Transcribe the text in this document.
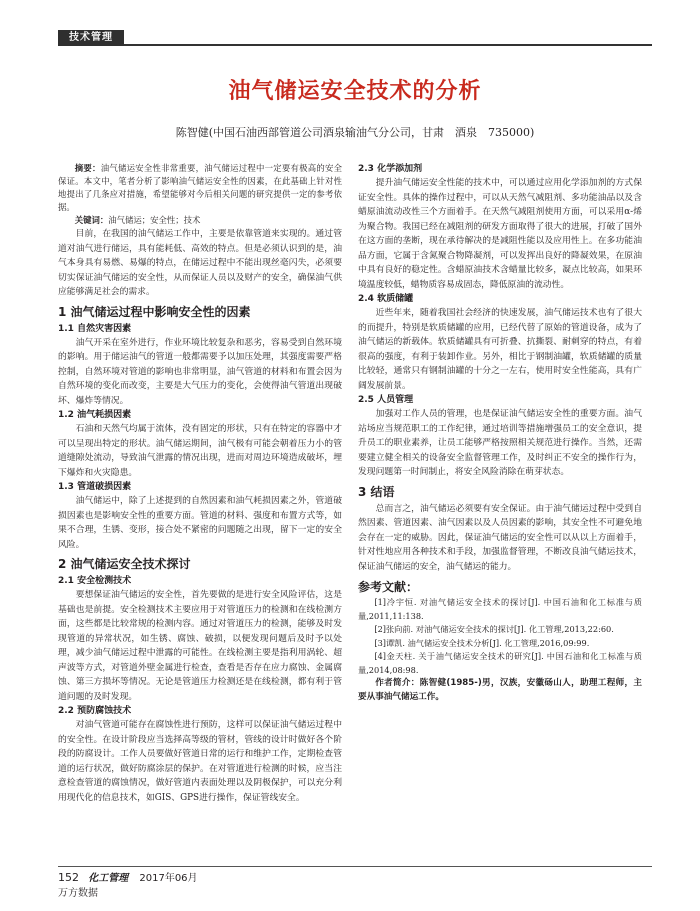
技术管理
油气储运安全技术的分析
陈智健(中国石油西部管道公司酒泉输油气分公司，甘肃　酒泉　735000)

摘要：油气储运安全性非常重要，油气储运过程中一定要有极高的安全保证。本文中，笔者分析了影响油气储运安全性的因素，在此基础上针对性地提出了几条应对措施，希望能够对今后相关问题的研究提供一定的参考依据。

关键词：油气储运；安全性；技术

目前，在我国的油气储运工作中，主要是依靠管道来实现的。通过管道对油气进行储运，具有能耗低、高效的特点。但是必须认识到的是，油气本身具有易燃、易爆的特点，在储运过程中不能出现丝毫闪失，必须要切实保证油气储运的安全性，从而保证人员以及财产的安全，确保油气供应能够满足社会的需求。

1 油气储运过程中影响安全性的因素
1.1 自然灾害因素

油气开采在室外进行，作业环境比较复杂和恶劣，容易受到自然环境的影响。用于储运油气的管道一般都需要予以加压处理，其强度需要严格控制，自然环境对管道的影响也非常明显，油气管道的材料和布置会因为自然环境的变化而改变，主要是大气压力的变化，会使得油气管道出现破坏、爆炸等情况。

1.2 油气耗损因素

石油和天然气均属于流体，没有固定的形状，只有在特定的容器中才可以呈现出特定的形状。油气储运期间，油气极有可能会朝着压力小的管道缝隙处流动，导致油气泄露的情况出现，进而对周边环境造成破坏，埋下爆炸和火灾隐患。

1.3 管道破损因素

油气储运中，除了上述提到的自然因素和油气耗损因素之外，管道破损因素也是影响安全性的重要方面。管道的材料、强度和布置方式等，如果不合理，生锈、变形，接合处不紧密的问题随之出现，留下一定的安全风险。

2 油气储运安全技术探讨
2.1 安全检测技术

要想保证油气储运的安全性，首先要做的是进行安全风险评估，这是基础也是前提。安全检测技术主要应用于对管道压力的检测和在线检测方面，这些都是比较常规的检测内容。通过对管道压力的检测，能够及时发现管道的异常状况，如生锈、腐蚀、破损，以便发现问题后及时予以处理，减少油气储运过程中泄露的可能性。在线检测主要是指利用涡轮、超声波等方式，对管道外壁金属进行检查，查看是否存在应力腐蚀、金属腐蚀、第三方损坏等情况。无论是管道压力检测还是在线检测，都有利于管道问题的及时发现。

2.2 预防腐蚀技术

对油气管道可能存在腐蚀性进行预防，这样可以保证油气储运过程中的安全性。在设计阶段应当选择高等级的管材，管线的设计时做好各个阶段的防腐设计。工作人员要做好管道日常的运行和维护工作，定期检查管道的运行状况，做好防腐涂层的保护。在对管道进行检测的时候，应当注意检查管道的腐蚀情况，做好管道内表面处理以及阴极保护，可以充分利用现代化的信息技术，如GIS、GPS进行操作，保证管线安全。

2.3 化学添加剂

提升油气储运安全性能的技术中，可以通过应用化学添加剂的方式保证安全性。具体的操作过程中，可以从天然气减阻剂、多功能油品以及含蜡原油流动改性三个方面着手。在天然气减阻剂使用方面，可以采用α-烯为聚合物。我国已经在减阻剂的研发方面取得了很大的进展，打破了国外在这方面的垄断，现在承待解决的是减阻性能以及应用性上。在多功能油品方面，它属于含氮聚合物降凝剂，可以发挥出良好的降凝效果，在原油中具有良好的稳定性。含蜡原油技术含蜡量比较多，凝点比较高，如果环境温度较低，蜡物质容易成固态，降低原油的流动性。

2.4 软质储罐

近些年来，随着我国社会经济的快速发展，油气储运技术也有了很大的而提升，特别是软质储罐的应用，已经代替了原始的管道设备，成为了油气储运的新载体。软质储罐具有可折叠、抗撕裂、耐刺穿的特点，有着很高的强度，有利于装卸作业。另外，相比于钢制油罐，软质储罐的质量比较轻，通常只有钢制油罐的十分之一左右，使用时安全性能高，具有广阔发展前景。

2.5 人员管理

加强对工作人员的管理，也是保证油气储运安全性的重要方面。油气站场应当规范职工的工作纪律，通过培训等措施增强员工的安全意识，提升员工的职业素养，让员工能够严格按照相关规范进行操作。当然，还需要建立健全相关的设备安全监督管理工作，及时纠正不安全的操作行为，发现问题第一时间制止，将安全风险消除在萌芽状态。

3 结语

总而言之，油气储运必须要有安全保证。由于油气储运过程中受到自然因素、管道因素、油气因素以及人员因素的影响，其安全性不可避免地会存在一定的威胁。因此，保证油气储运的安全性可以从以上方面着手，针对性地应用各种技术和手段，加强监督管理，不断改良油气储运技术，保证油气储运的安全，油气储运的能力。

参考文献：

[1]冷宇恒. 对油气储运安全技术的探讨[J]. 中国石油和化工标准与质量,2011,11:138.

[2]张向前. 对油气储运安全技术的探讨[J]. 化工管理,2013,22:60.

[3]谭凯. 油气储运安全技术分析[J]. 化工管理,2016,09:99.

[4]金天柱. 关于油气储运安全技术的研究[J]. 中国石油和化工标准与质量,2014,08:98.

作者简介：陈智健(1985-)男，汉族，安徽砀山人，助理工程师，主要从事油气储运工作。

152 化工管理 2017年06月
万方数据
